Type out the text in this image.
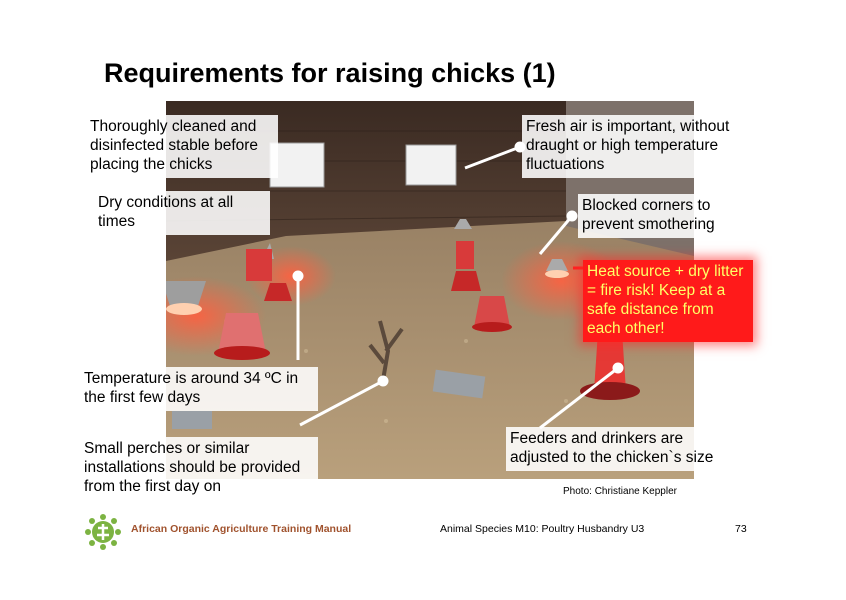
Requirements for raising chicks (1)
Thoroughly cleaned and disinfected stable before placing the chicks
Dry conditions at all times
Fresh air is important, without draught or high temperature fluctuations
Blocked corners to prevent smothering
Heat source + dry litter = fire risk! Keep at a safe distance from each other!
Temperature is around 34 ºC in the first few days
Small perches or similar installations should be provided from the first day on
Feeders and drinkers are adjusted to the chicken`s size
Photo: Christiane Keppler
African Organic Agriculture Training Manual	Animal Species M10: Poultry Husbandry U3	73
